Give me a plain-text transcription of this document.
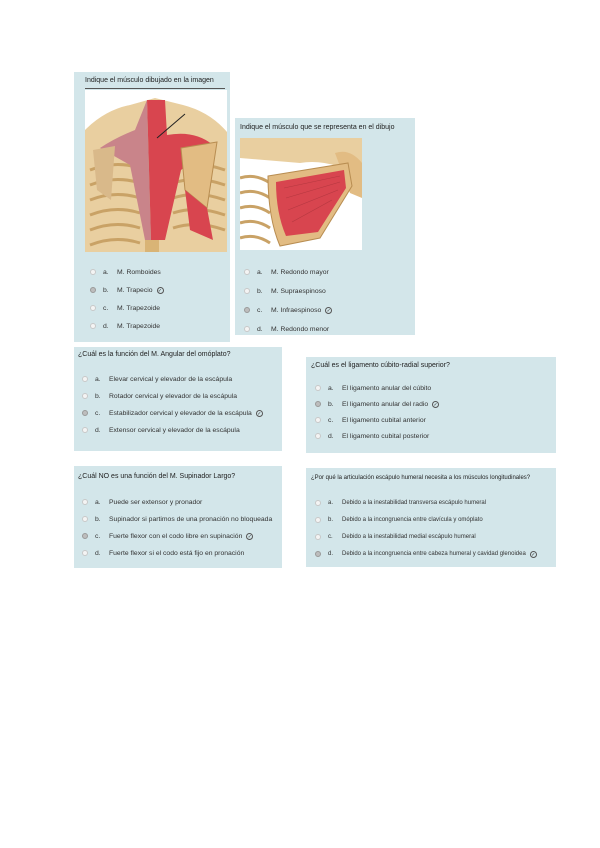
Indique el músculo dibujado en la imagen
a.	M. Romboides
b.	M. Trapecio ✓
c.	M. Trapezoide
d.	M. Trapezoide
Indique el músculo que se representa en el dibujo
a.	M. Redondo mayor
b.	M. Supraespinoso
c.	M. Infraespinoso ✓
d.	M. Redondo menor
¿Cuál es la función del M. Angular del omóplato?
a.	Elevar cervical y elevador de la escápula
b.	Rotador cervical y elevador de la escápula
c.	Estabilizador cervical y elevador de la escápula ✓
d.	Extensor cervical y elevador de la escápula
¿Cuál es el ligamento cúbito-radial superior?
a.	El ligamento anular del cúbito
b.	El ligamento anular del radio ✓
c.	El ligamento cubital anterior
d.	El ligamento cubital posterior
¿Cuál NO es una función del M. Supinador Largo?
a.	Puede ser extensor y pronador
b.	Supinador si partimos de una pronación no bloqueada
c.	Fuerte flexor con el codo libre en supinación ✓
d.	Fuerte flexor si el codo está fijo en pronación
¿Por qué la articulación escápulo humeral necesita a los músculos longitudinales?
a.	Debido a la inestabilidad transversa escápulo humeral
b.	Debido a la incongruencia entre clavícula y omóplato
c.	Debido a la inestabilidad medial escápulo humeral
d.	Debido a la incongruencia entre cabeza humeral y cavidad glenoidea ✓
